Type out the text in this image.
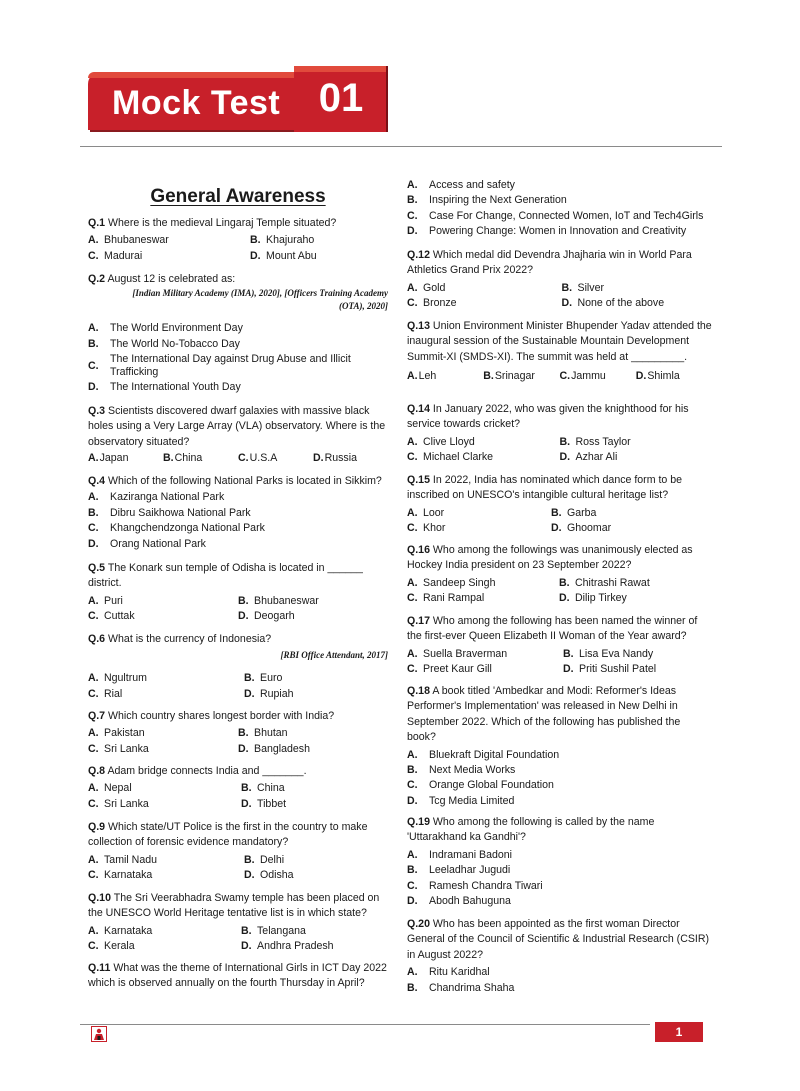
Mock Test 01
General Awareness
Q.1 Where is the medieval Lingaraj Temple situated?
A. Bhubaneswar	B. Khajuraho
C. Madurai	D. Mount Abu
Q.2 August 12 is celebrated as:
[Indian Military Academy (IMA), 2020], [Officers Training Academy (OTA), 2020]
A.	The World Environment Day
B.	The World No-Tobacco Day
C.
The International Day against Drug Abuse and Illicit Trafficking
D.	The International Youth Day
Q.3 Scientists discovered dwarf galaxies with massive black holes using a Very Large Array (VLA) observatory. Where is the observatory situated?
A. Japan	B. China	C. U.S.A	D. Russia
Q.4 Which of the following National Parks is located in Sikkim?
A.	Kaziranga National Park
B.	Dibru Saikhowa National Park
C.	Khangchendzonga National Park
D.	Orang National Park
Q.5 The Konark sun temple of Odisha is located in ______ district.
A. Puri	B. Bhubaneswar
C. Cuttak	D. Deogarh
Q.6 What is the currency of Indonesia?
[RBI Office Attendant, 2017]
A. Ngultrum	B. Euro
C. Rial	D. Rupiah
Q.7 Which country shares longest border with India?
A. Pakistan	B. Bhutan
C. Sri Lanka	D. Bangladesh
Q.8 Adam bridge connects India and _______.
A. Nepal	B. China
C. Sri Lanka	D. Tibbet
Q.9 Which state/UT Police is the first in the country to make collection of forensic evidence mandatory?
A. Tamil Nadu	B. Delhi
C. Karnataka	D. Odisha
Q.10 The Sri Veerabhadra Swamy temple has been placed on the UNESCO World Heritage tentative list is in which state?
A. Karnataka	B. Telangana
C. Kerala	D. Andhra Pradesh
Q.11 What was the theme of International Girls in ICT Day 2022 which is observed annually on the fourth Thursday in April?
A.	Access and safety
B.	Inspiring the Next Generation
C.	Case For Change, Connected Women, IoT and Tech4Girls
D.	Powering Change: Women in Innovation and Creativity
Q.12 Which medal did Devendra Jhajharia win in World Para Athletics Grand Prix 2022?
A. Gold	B. Silver
C. Bronze	D. None of the above
Q.13 Union Environment Minister Bhupender Yadav attended the inaugural session of the Sustainable Mountain Development Summit-XI (SMDS-XI). The summit was held at _________.
A. Leh	B. Srinagar C. Jammu	D. Shimla
Q.14 In January 2022, who was given the knighthood for his service towards cricket?
A. Clive Lloyd	B. Ross Taylor
C. Michael Clarke	D. Azhar Ali
Q.15 In 2022, India has nominated which dance form to be inscribed on UNESCO's intangible cultural heritage list?
A. Loor	B. Garba
C. Khor	D. Ghoomar
Q.16 Who among the followings was unanimously elected as Hockey India president on 23 September 2022?
A. Sandeep Singh	B. Chitrashi Rawat
C. Rani Rampal	D. Dilip Tirkey
Q.17 Who among the following has been named the winner of the first-ever Queen Elizabeth II Woman of the Year award?
A. Suella Braverman	B. Lisa Eva Nandy
C. Preet Kaur Gill	D. Priti Sushil Patel
Q.18 A book titled 'Ambedkar and Modi: Reformer's Ideas Performer's Implementation' was released in New Delhi in September 2022. Which of the following has published the book?
A.	Bluekraft Digital Foundation
B.	Next Media Works
C.	Orange Global Foundation
D.	Tcg Media Limited
Q.19 Who among the following is called by the name 'Uttarakhand ka Gandhi'?
A.	Indramani Badoni
B.	Leeladhar Jugudi
C.	Ramesh Chandra Tiwari
D.	Abodh Bahuguna
Q.20 Who has been appointed as the first woman Director General of the Council of Scientific & Industrial Research (CSIR) in August 2022?
A.	Ritu Karidhal
B.	Chandrima Shaha
1
